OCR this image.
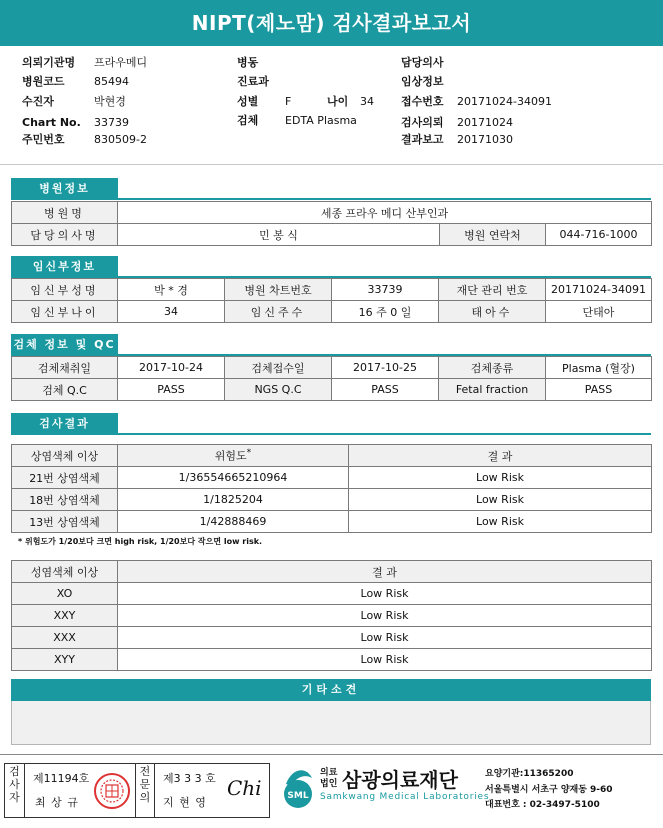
NIPT(제노맘) 검사결과보고서
의뢰기관명 프라우메디
병원코드	85494
수진자	박현경
Chart No. 33739
주민번호	830509-2
병동
진료과
성별 F	나이 34
검체 EDTA Plasma
담당의사
임상정보
접수번호 20171024-34091
검사의뢰 20171024
결과보고 20171030
병원정보
병원명	세종 프라우 메디 산부인과		
담당의사명	민 봉 식	병원 연락처	044-716-1000
임신부정보
임신부성명	박 * 경	병원 차트번호	33739	재단 관리 번호	20171024-34091
임신부나이	34	임신주수	16 주 0 일	태아수	단태아
검체 정보 및 QC
검체채취일	2017-10-24	검체접수일	2017-10-25	검체종류	Plasma (혈장)
검체 Q.C	PASS	NGS Q.C	PASS	Fetal fraction	PASS
검사결과
상염색체 이상	위험도*	결 과
21번 상염색체	1/36554665210964	Low Risk
18번 상염색체	1/1825204	Low Risk
13번 상염색체	1/42888469	Low Risk
* 위험도가 1/20보다 크면 high risk, 1/20보다 작으면 low risk.
성염색체 이상	결 과
XO	Low Risk
XXY	Low Risk
XXX	Low Risk
XYY	Low Risk
기타소견
검사자
제11194호
최 상 규
전문의
제3 3 3 호
지 현 영
Chi	SML
의료
법인 삼광의료재단
Samkwang Medical Laboratories
요양기관:11365200
서울특별시 서초구 양재동 9-60
대표번호 : 02-3497-5100
